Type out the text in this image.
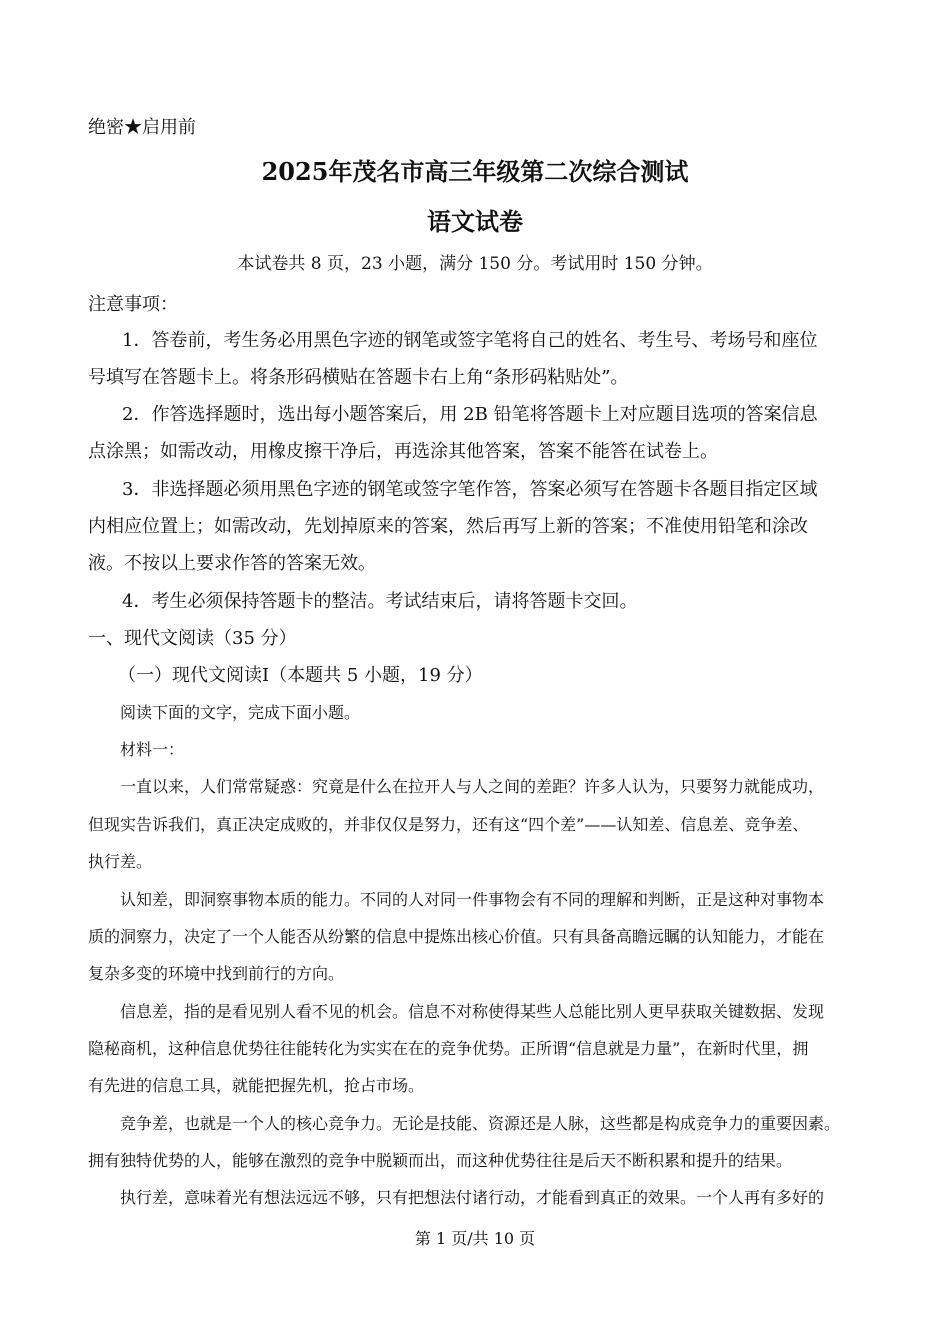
绝密★启用前
2025年茂名市高三年级第二次综合测试
语文试卷
本试卷共 8 页，23 小题，满分 150 分。考试用时 150 分钟。
注意事项：
1．答卷前，考生务必用黑色字迹的钢笔或签字笔将自己的姓名、考生号、考场号和座位
号填写在答题卡上。将条形码横贴在答题卡右上角“条形码粘贴处”。
2．作答选择题时，选出每小题答案后，用 2B 铅笔将答题卡上对应题目选项的答案信息
点涂黑；如需改动，用橡皮擦干净后，再选涂其他答案，答案不能答在试卷上。
3．非选择题必须用黑色字迹的钢笔或签字笔作答，答案必须写在答题卡各题目指定区域
内相应位置上；如需改动，先划掉原来的答案，然后再写上新的答案；不准使用铅笔和涂改
液。不按以上要求作答的答案无效。
4．考生必须保持答题卡的整洁。考试结束后，请将答题卡交回。
一、现代文阅读（35 分）
（一）现代文阅读Ⅰ（本题共 5 小题，19 分）
阅读下面的文字，完成下面小题。
材料一：
一直以来，人们常常疑惑：究竟是什么在拉开人与人之间的差距？许多人认为，只要努力就能成功，
但现实告诉我们，真正决定成败的，并非仅仅是努力，还有这“四个差”——认知差、信息差、竞争差、
执行差。
认知差，即洞察事物本质的能力。不同的人对同一件事物会有不同的理解和判断，正是这种对事物本
质的洞察力，决定了一个人能否从纷繁的信息中提炼出核心价值。只有具备高瞻远瞩的认知能力，才能在
复杂多变的环境中找到前行的方向。
信息差，指的是看见别人看不见的机会。信息不对称使得某些人总能比别人更早获取关键数据、发现
隐秘商机，这种信息优势往往能转化为实实在在的竞争优势。正所谓“信息就是力量”，在新时代里，拥
有先进的信息工具，就能把握先机，抢占市场。
竞争差，也就是一个人的核心竞争力。无论是技能、资源还是人脉，这些都是构成竞争力的重要因素。
拥有独特优势的人，能够在激烈的竞争中脱颖而出，而这种优势往往是后天不断积累和提升的结果。
执行差，意味着光有想法远远不够，只有把想法付诸行动，才能看到真正的效果。一个人再有多好的
第 1 页/共 10 页
